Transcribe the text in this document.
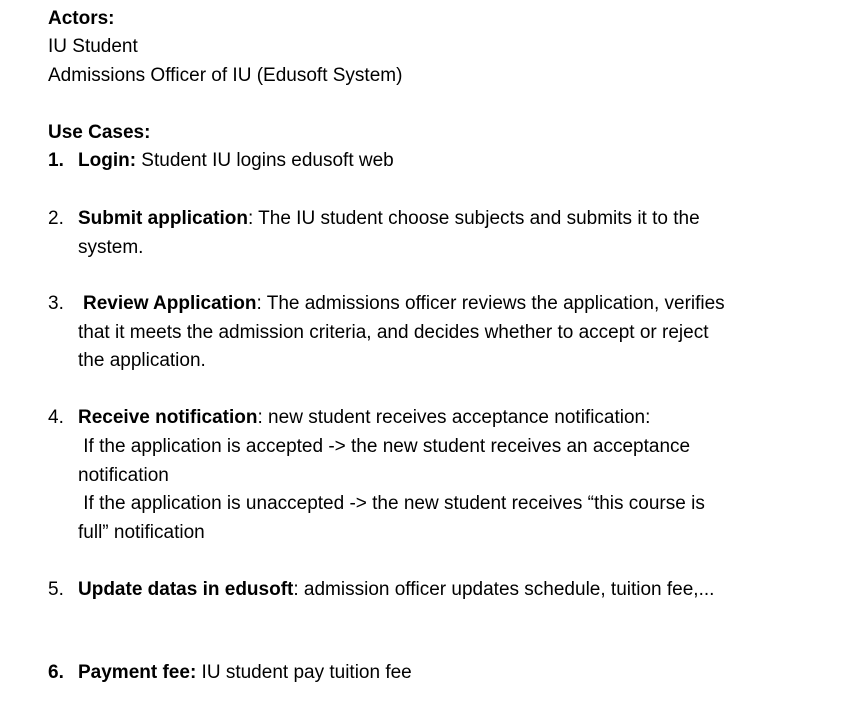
Actors:
IU Student
Admissions Officer of IU (Edusoft System)
Use Cases:
1. Login: Student IU logins edusoft web
2. Submit application: The IU student choose subjects and submits it to the
system.
3. Review Application: The admissions officer reviews the application, verifies
that it meets the admission criteria, and decides whether to accept or reject
the application.
4. Receive notification: new student receives acceptance notification:
If the application is accepted -> the new student receives an acceptance
notification
If the application is unaccepted -> the new student receives “this course is
full” notification
5. Update datas in edusoft: admission officer updates schedule, tuition fee,...
6. Payment fee: IU student pay tuition fee
